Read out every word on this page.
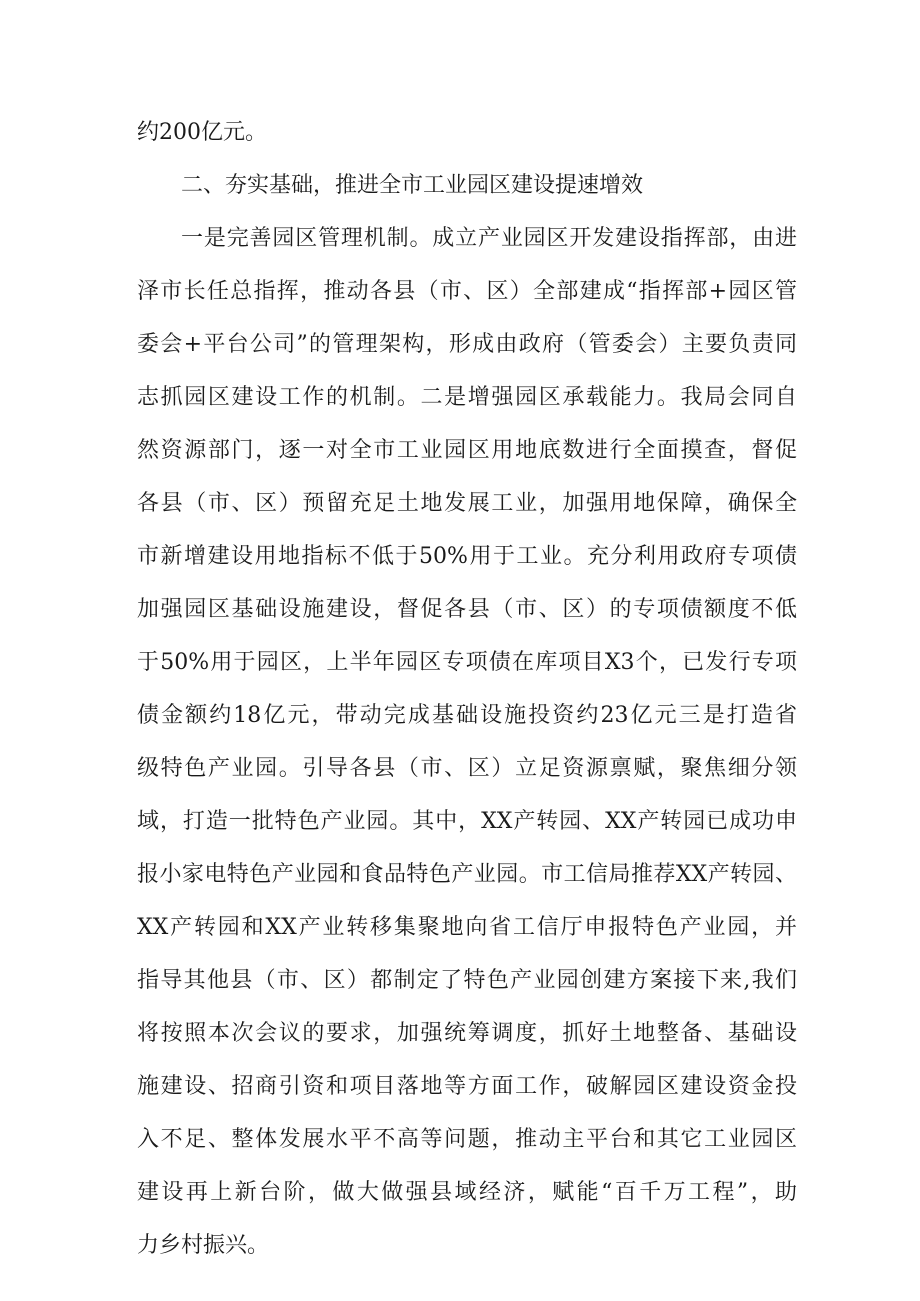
约200亿元。

二、夯实基础，推进全市工业园区建设提速增效

一是完善园区管理机制。成立产业园区开发建设指挥部，由进

泽市长任总指挥，推动各县（市、区）全部建成“指挥部+园区管

委会+平台公司”的管理架构，形成由政府（管委会）主要负责同

志抓园区建设工作的机制。二是增强园区承载能力。我局会同自

然资源部门，逐一对全市工业园区用地底数进行全面摸查，督促

各县（市、区）预留充足土地发展工业，加强用地保障，确保全

市新增建设用地指标不低于50%用于工业。充分利用政府专项债

加强园区基础设施建设，督促各县（市、区）的专项债额度不低

于50%用于园区，上半年园区专项债在库项目X3个，已发行专项

债金额约18亿元，带动完成基础设施投资约23亿元三是打造省

级特色产业园。引导各县（市、区）立足资源禀赋，聚焦细分领

域，打造一批特色产业园。其中，XX产转园、XX产转园已成功申

报小家电特色产业园和食品特色产业园。市工信局推荐XX产转园、

XX产转园和XX产业转移集聚地向省工信厅申报特色产业园，并

指导其他县（市、区）都制定了特色产业园创建方案接下来,我们

将按照本次会议的要求，加强统筹调度，抓好土地整备、基础设

施建设、招商引资和项目落地等方面工作，破解园区建设资金投

入不足、整体发展水平不高等问题，推动主平台和其它工业园区

建设再上新台阶，做大做强县域经济，赋能“百千万工程”，助

力乡村振兴。
